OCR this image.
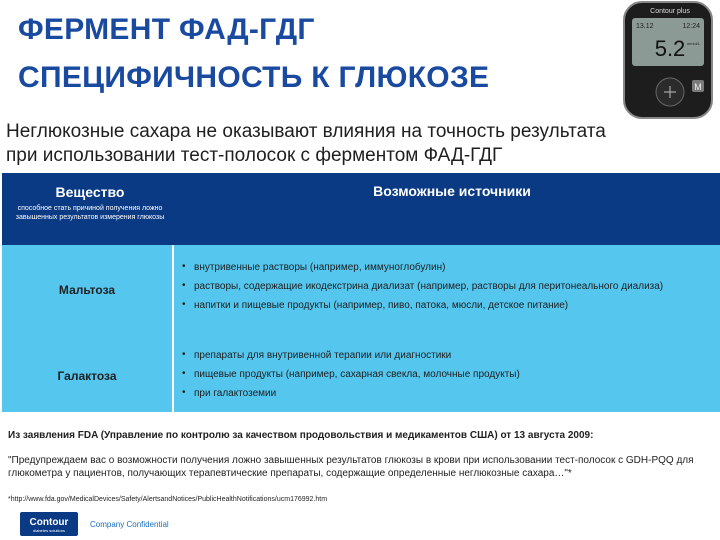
ФЕРМЕНТ ФАД-ГДГ
СПЕЦИФИЧНОСТЬ К ГЛЮКОЗЕ
Contour plus
13.12	12:24
5.2 mmol/L
M
Неглюкозные сахара не оказывают влияния на точность результата при использовании тест-полосок с ферментом ФАД-ГДГ
Вещество
способное стать причиной получения ложно завышенных результатов измерения глюкозы
Возможные источники
Мальтоза
• внутривенные растворы (например, иммуноглобулин)
• растворы, содержащие икодекстрина диализат (например, растворы для перитонеального диализа)
• напитки и пищевые продукты (например, пиво, патока, мюсли, детское питание)
Галактоза
• препараты для внутривенной терапии или диагностики
• пищевые продукты (например, сахарная свекла, молочные продукты)
• при галактоземии
Из заявления FDA (Управление по контролю за качеством продовольствия и медикаментов США) от 13 августа 2009:
"Предупреждаем вас о возможности получения ложно завышенных результатов глюкозы в крови при использовании тест-полосок с GDH-PQQ для глюкометра у пациентов, получающих терапевтические препараты, содержащие определенные неглюкозные сахара…"*
*http://www.fda.gov/MedicalDevices/Safety/AlertsandNotices/PublicHealthNotifications/ucm176992.htm
Contour
diabetes solutions
Company Confidential
